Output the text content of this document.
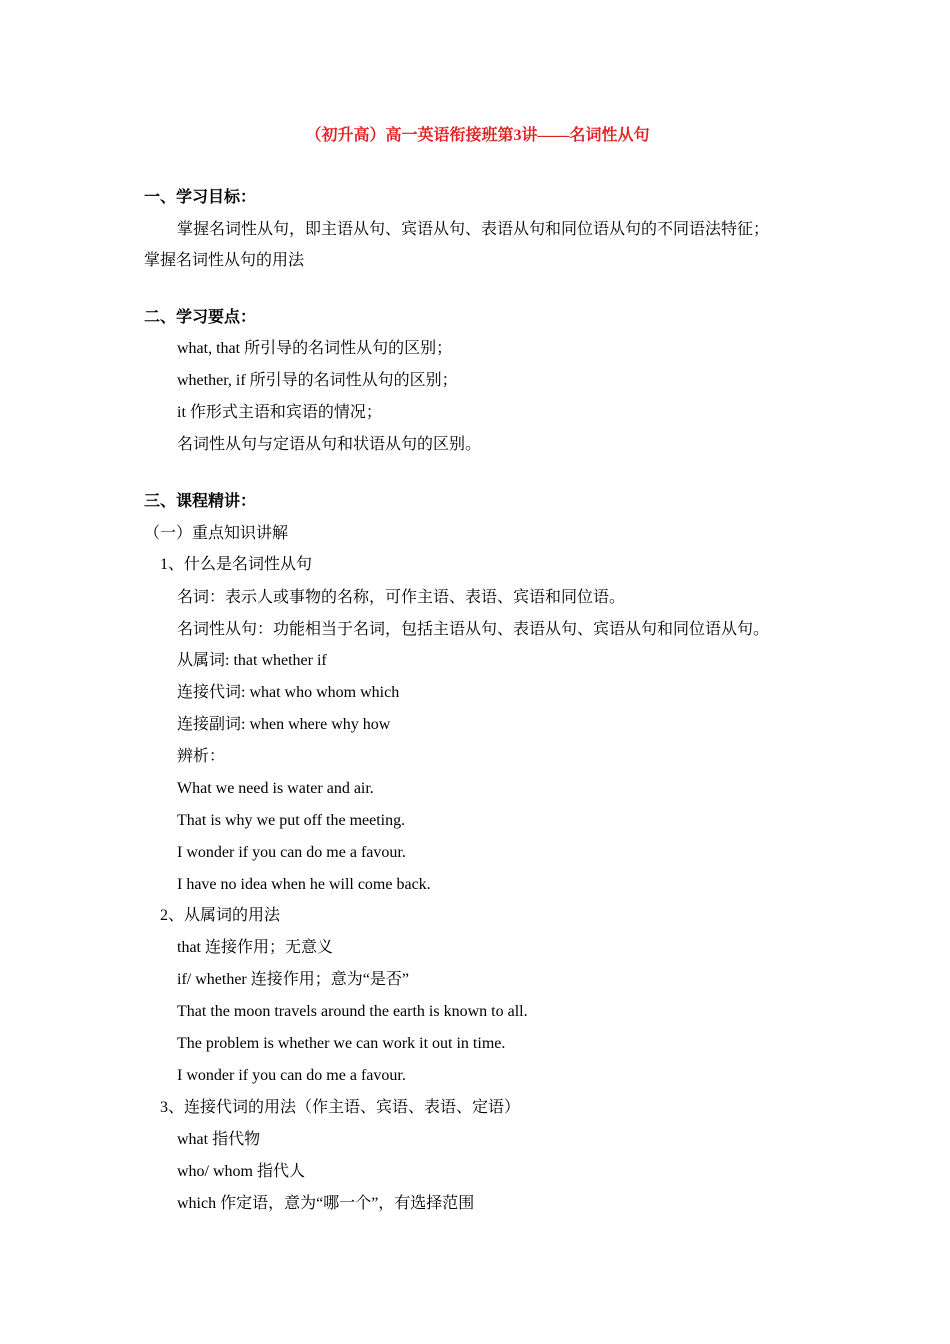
（初升高）高一英语衔接班第3讲——名词性从句
一、学习目标：
掌握名词性从句，即主语从句、宾语从句、表语从句和同位语从句的不同语法特征；
掌握名词性从句的用法
二、学习要点：
what, that 所引导的名词性从句的区别；
whether, if 所引导的名词性从句的区别；
it 作形式主语和宾语的情况；
名词性从句与定语从句和状语从句的区别。
三、课程精讲：
（一）重点知识讲解
1、什么是名词性从句
名词：表示人或事物的名称，可作主语、表语、宾语和同位语。
名词性从句：功能相当于名词，包括主语从句、表语从句、宾语从句和同位语从句。
从属词: that whether if
连接代词: what who whom which
连接副词: when where why how
辨析：
What we need is water and air.
That is why we put off the meeting.
I wonder if you can do me a favour.
I have no idea when he will come back.
2、从属词的用法
that 连接作用；无意义
if/ whether 连接作用；意为“是否”
That the moon travels around the earth is known to all.
The problem is whether we can work it out in time.
I wonder if you can do me a favour.
3、连接代词的用法（作主语、宾语、表语、定语）
what 指代物
who/ whom 指代人
which 作定语，意为“哪一个”，有选择范围
